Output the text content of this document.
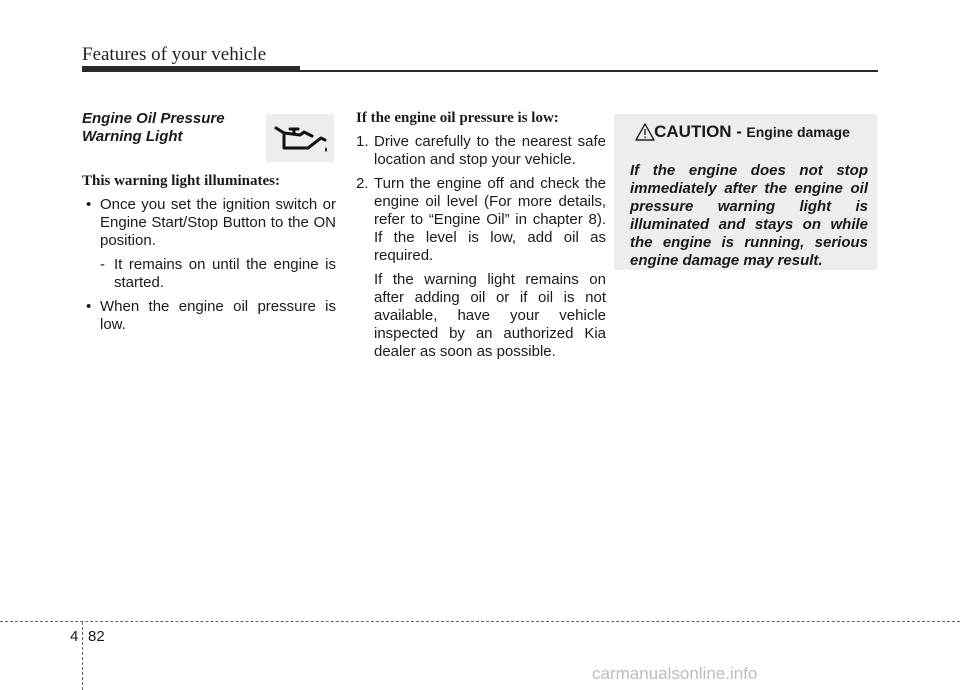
Features of your vehicle
Engine Oil Pressure
Warning Light
This warning light illuminates:
• Once you set the ignition switch or Engine Start/Stop Button to the ON position.
- It remains on until the engine is started.
• When the engine oil pressure is low.
If the engine oil pressure is low:
1. Drive carefully to the nearest safe location and stop your vehicle.
2. Turn the engine off and check the engine oil level (For more details, refer to “Engine Oil” in chapter 8). If the level is low, add oil as required.
If the warning light remains on after adding oil or if oil is not available, have your vehicle inspected by an authorized Kia dealer as soon as possible.
CAUTION - Engine damage
If the engine does not stop immediately after the engine oil pressure warning light is illuminated and stays on while the engine is running, serious engine damage may result.
4 82
carmanualsonline.info
